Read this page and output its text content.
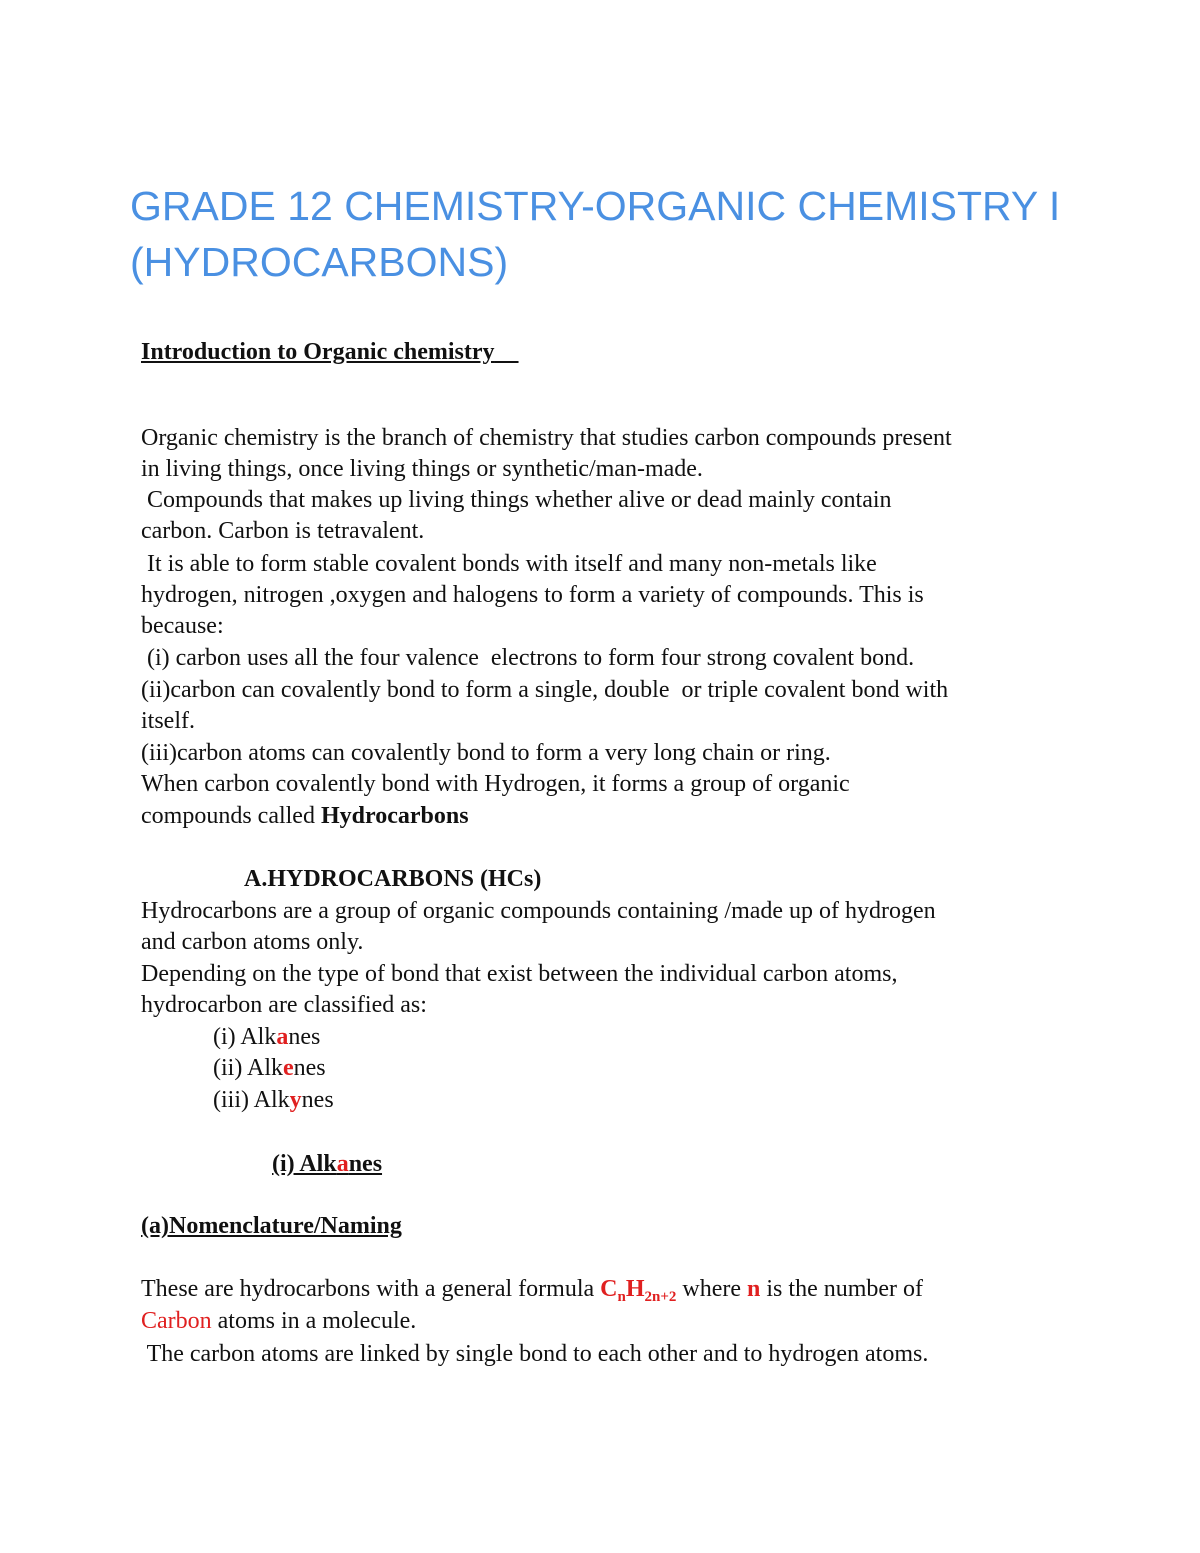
GRADE 12 CHEMISTRY-ORGANIC CHEMISTRY I
(HYDROCARBONS)
Introduction to Organic chemistry
Organic chemistry is the branch of chemistry that studies carbon compounds present
in living things, once living things or synthetic/man-made.
Compounds that makes up living things whether alive or dead mainly contain
carbon. Carbon is tetravalent.
It is able to form stable covalent bonds with itself and many non-metals like
hydrogen, nitrogen ,oxygen and halogens to form a variety of compounds. This is
because:
(i) carbon uses all the four valence  electrons to form four strong covalent bond.
(ii)carbon can covalently bond to form a single, double  or triple covalent bond with
itself.
(iii)carbon atoms can covalently bond to form a very long chain or ring.
When carbon covalently bond with Hydrogen, it forms a group of organic
compounds called Hydrocarbons
A.HYDROCARBONS (HCs)
Hydrocarbons are a group of organic compounds containing /made up of hydrogen
and carbon atoms only.
Depending on the type of bond that exist between the individual carbon atoms,
hydrocarbon are classified as:
(i) Alkanes
(ii) Alkenes
(iii) Alkynes
(i) Alkanes
(a)Nomenclature/Naming
These are hydrocarbons with a general formula $C_nH_{2n+2}$ where n is the number of
Carbon atoms in a molecule.
The carbon atoms are linked by single bond to each other and to hydrogen atoms.
